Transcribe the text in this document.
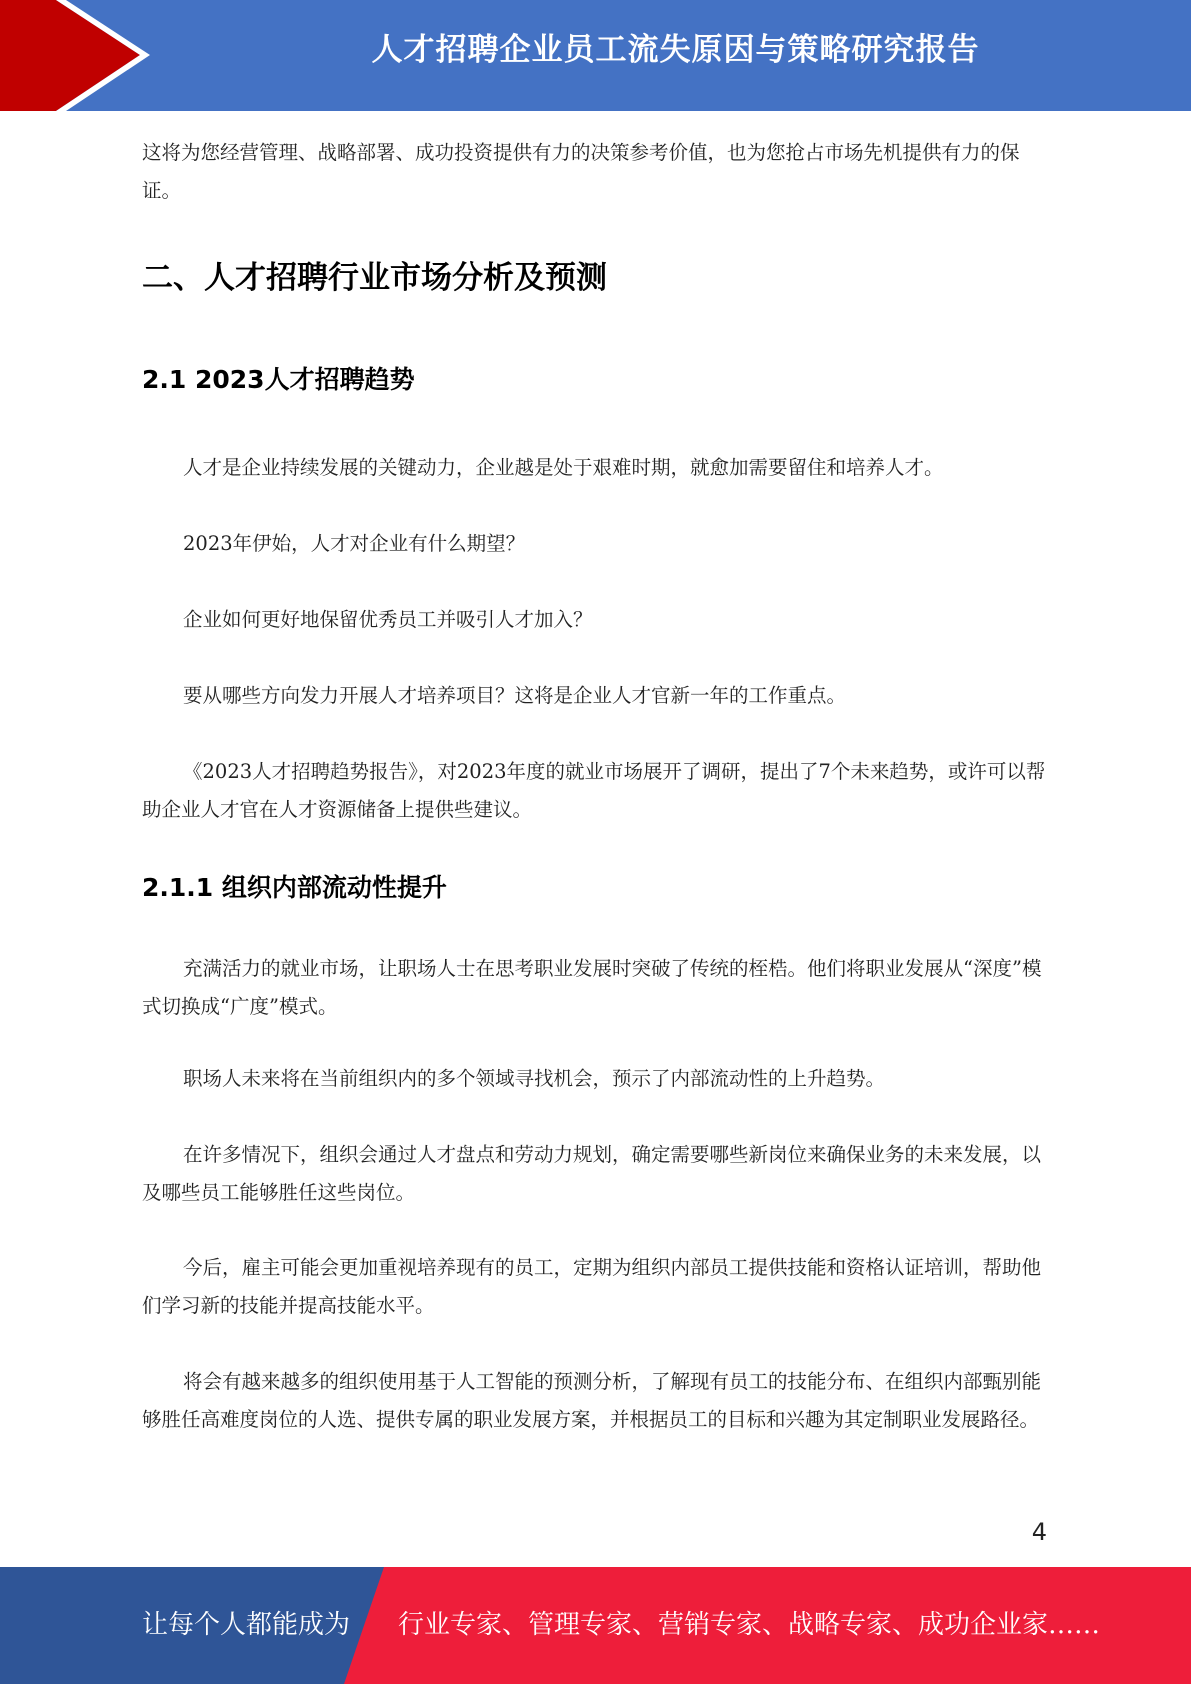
人才招聘企业员工流失原因与策略研究报告

这将为您经营管理、战略部署、成功投资提供有力的决策参考价值，也为您抢占市场先机提供有力的保证。

二、人才招聘行业市场分析及预测
2.1 2023人才招聘趋势

人才是企业持续发展的关键动力，企业越是处于艰难时期，就愈加需要留住和培养人才。

2023年伊始，人才对企业有什么期望？

企业如何更好地保留优秀员工并吸引人才加入？

要从哪些方向发力开展人才培养项目？这将是企业人才官新一年的工作重点。

《2023人才招聘趋势报告》，对2023年度的就业市场展开了调研，提出了7个未来趋势，或许可以帮助企业人才官在人才资源储备上提供些建议。

2.1.1 组织内部流动性提升

充满活力的就业市场，让职场人士在思考职业发展时突破了传统的桎梏。他们将职业发展从“深度”模式切换成“广度”模式。

职场人未来将在当前组织内的多个领域寻找机会，预示了内部流动性的上升趋势。

在许多情况下，组织会通过人才盘点和劳动力规划，确定需要哪些新岗位来确保业务的未来发展，以及哪些员工能够胜任这些岗位。

今后，雇主可能会更加重视培养现有的员工，定期为组织内部员工提供技能和资格认证培训，帮助他们学习新的技能并提高技能水平。

将会有越来越多的组织使用基于人工智能的预测分析，了解现有员工的技能分布、在组织内部甄别能够胜任高难度岗位的人选、提供专属的职业发展方案，并根据员工的目标和兴趣为其定制职业发展路径。

4
让每个人都能成为 行业专家、管理专家、营销专家、战略专家、成功企业家……
